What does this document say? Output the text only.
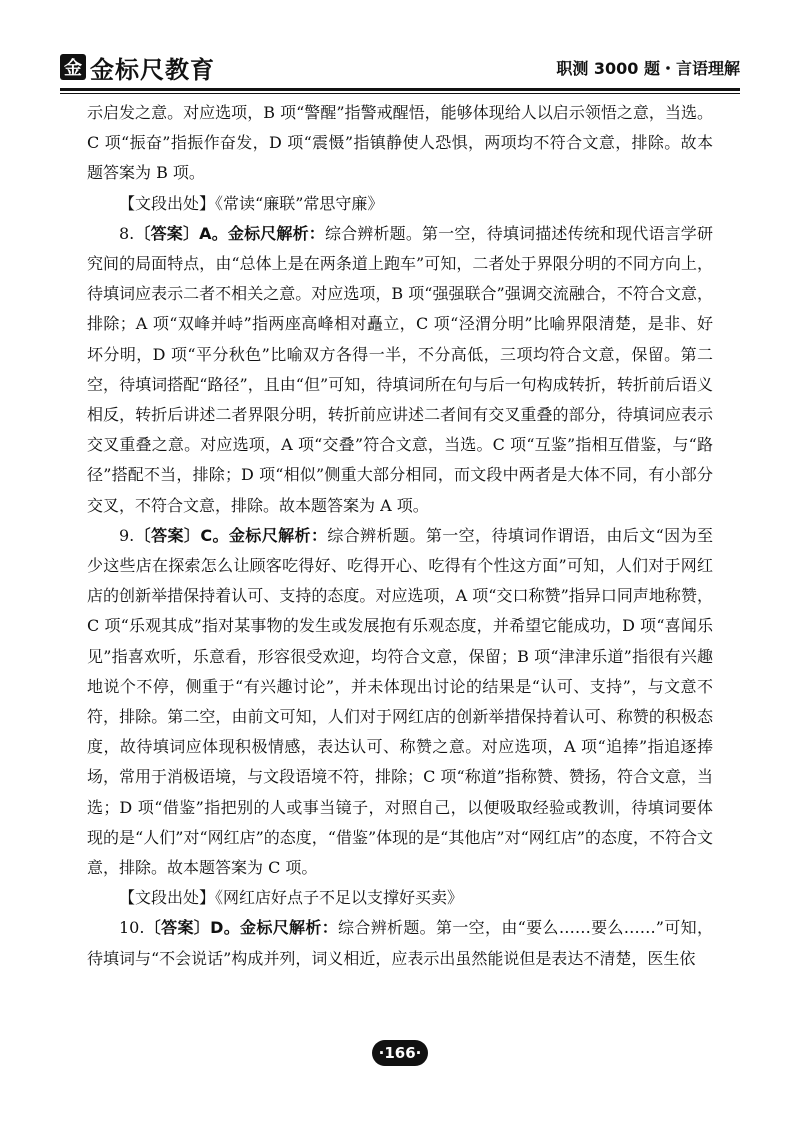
金 金标尺教育	职测 3000 题・言语理解

示启发之意。对应选项，B 项“警醒”指警戒醒悟，能够体现给人以启示领悟之意，当选。C 项“振奋”指振作奋发，D 项“震慑”指镇静使人恐惧，两项均不符合文意，排除。故本题答案为 B 项。

【文段出处】《常读“廉联”常思守廉》

8.〔答案〕A。金标尺解析：综合辨析题。第一空，待填词描述传统和现代语言学研究间的局面特点，由“总体上是在两条道上跑车”可知，二者处于界限分明的不同方向上，待填词应表示二者不相关之意。对应选项，B 项“强强联合”强调交流融合，不符合文意，排除；A 项“双峰并峙”指两座高峰相对矗立，C 项“泾渭分明”比喻界限清楚，是非、好坏分明，D 项“平分秋色”比喻双方各得一半，不分高低，三项均符合文意，保留。第二空，待填词搭配“路径”，且由“但”可知，待填词所在句与后一句构成转折，转折前后语义相反，转折后讲述二者界限分明，转折前应讲述二者间有交叉重叠的部分，待填词应表示交叉重叠之意。对应选项，A 项“交叠”符合文意，当选。C 项“互鉴”指相互借鉴，与“路径”搭配不当，排除；D 项“相似”侧重大部分相同，而文段中两者是大体不同，有小部分交叉，不符合文意，排除。故本题答案为 A 项。

9.〔答案〕C。金标尺解析：综合辨析题。第一空，待填词作谓语，由后文“因为至少这些店在探索怎么让顾客吃得好、吃得开心、吃得有个性这方面”可知，人们对于网红店的创新举措保持着认可、支持的态度。对应选项，A 项“交口称赞”指异口同声地称赞，C 项“乐观其成”指对某事物的发生或发展抱有乐观态度，并希望它能成功，D 项“喜闻乐见”指喜欢听，乐意看，形容很受欢迎，均符合文意，保留；B 项“津津乐道”指很有兴趣地说个不停，侧重于“有兴趣讨论”，并未体现出讨论的结果是“认可、支持”，与文意不符，排除。第二空，由前文可知，人们对于网红店的创新举措保持着认可、称赞的积极态度，故待填词应体现积极情感，表达认可、称赞之意。对应选项，A 项“追捧”指追逐捧场，常用于消极语境，与文段语境不符，排除；C 项“称道”指称赞、赞扬，符合文意，当选；D 项“借鉴”指把别的人或事当镜子，对照自己，以便吸取经验或教训，待填词要体现的是“人们”对“网红店”的态度，“借鉴”体现的是“其他店”对“网红店”的态度，不符合文意，排除。故本题答案为 C 项。

【文段出处】《网红店好点子不足以支撑好买卖》

10.〔答案〕D。金标尺解析：综合辨析题。第一空，由“要么……要么……”可知，待填词与“不会说话”构成并列，词义相近，应表示出虽然能说但是表达不清楚，医生依

·166·
